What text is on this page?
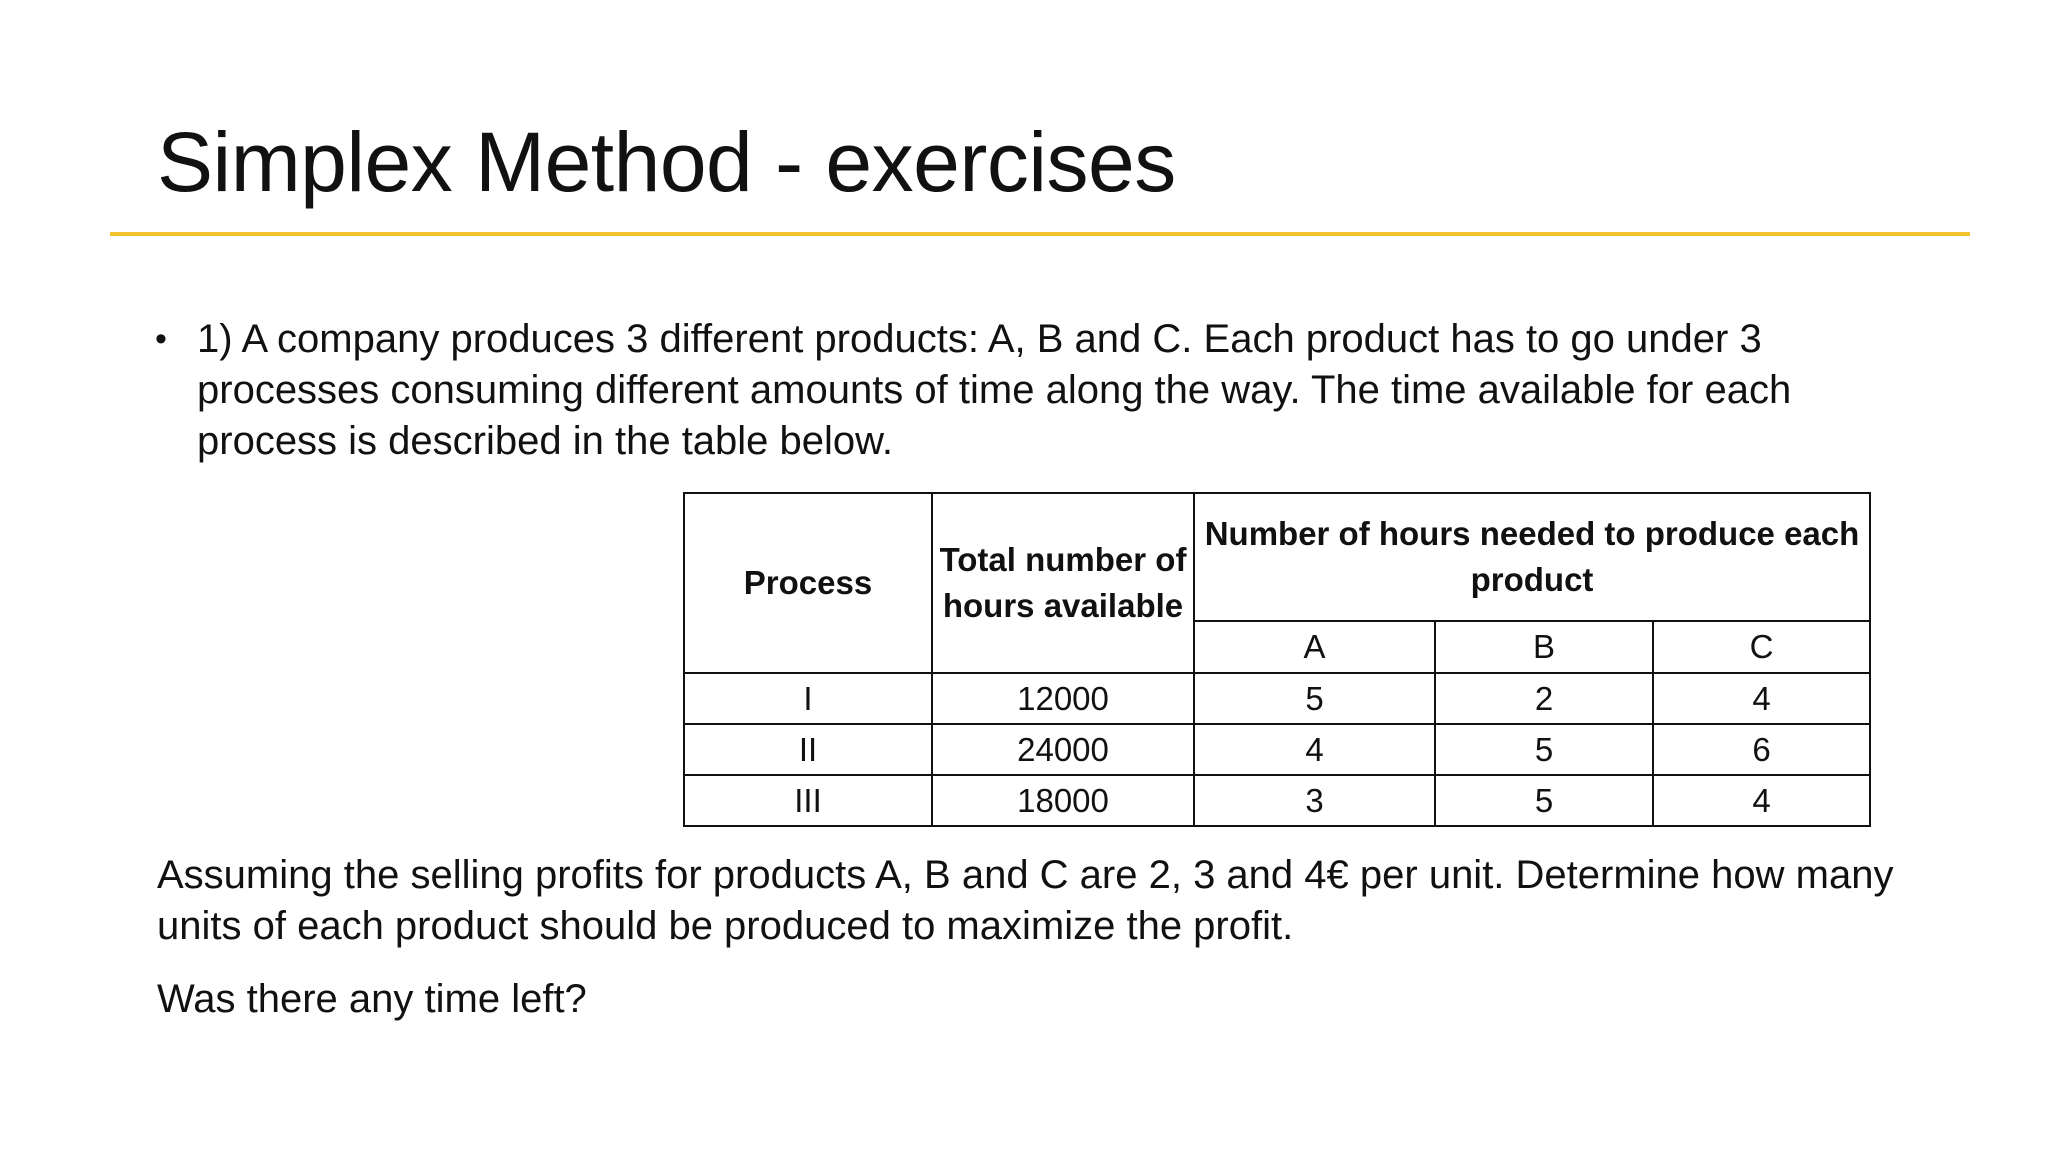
Simplex Method - exercises
• 1) A company produces 3 different products: A, B and C. Each product has to go under 3 processes consuming different amounts of time along the way. The time available for each process is described in the table below.
Process	Total number of hours available	Number of hours needed to produce each product		
		A	B	C
I	12000	5	2	4
II	24000	4	5	6
III	18000	3	5	4
Assuming the selling profits for products A, B and C are 2, 3 and 4€ per unit. Determine how many units of each product should be produced to maximize the profit.
Was there any time left?
